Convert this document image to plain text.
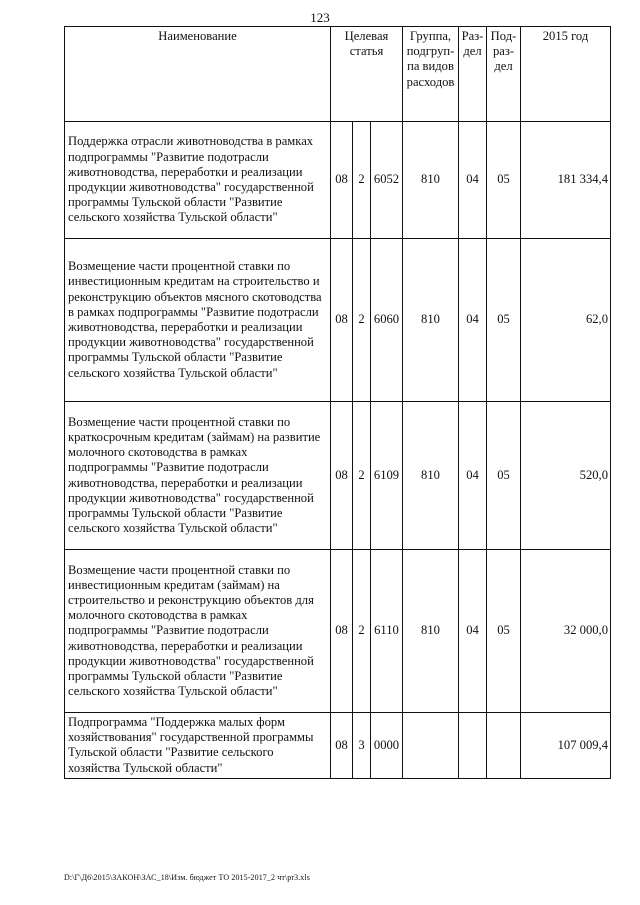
123
Наименование	Целевая статья			Группа, подгруп-па видов расходов	Раз-дел	Под-раз-дел	2015 год
Поддержка отрасли животноводства в рамках подпрограммы "Развитие подотрасли животноводства, переработки и реализации продукции животноводства" государственной программы Тульской области "Развитие сельского хозяйства Тульской области"	08	2	6052	810	04	05	181 334,4
Возмещение части процентной ставки по инвестиционным кредитам на строительство и реконструкцию объектов мясного скотоводства в рамках подпрограммы "Развитие подотрасли животноводства, переработки и реализации продукции животноводства" государственной программы Тульской области "Развитие сельского хозяйства Тульской области"	08	2	6060	810	04	05	62,0
Возмещение части процентной ставки по краткосрочным кредитам (займам) на развитие молочного скотоводства в рамках подпрограммы "Развитие подотрасли животноводства, переработки и реализации продукции животноводства" государственной программы Тульской области "Развитие сельского хозяйства Тульской области"	08	2	6109	810	04	05	520,0
Возмещение части процентной ставки по инвестиционным кредитам (займам) на строительство и реконструкцию объектов для молочного скотоводства в рамках подпрограммы "Развитие подотрасли животноводства, переработки и реализации продукции животноводства" государственной программы Тульской области "Развитие сельского хозяйства Тульской области"	08	2	6110	810	04	05	32 000,0
Подпрограмма "Поддержка малых форм хозяйствования" государственной программы Тульской области "Развитие сельского хозяйства Тульской области"	08	3	0000				107 009,4
D:\Г\Д6\2015\ЗАКОН\ЗАС_18\Изм. бюджет ТО 2015-2017_2 чт\pr3.xls
